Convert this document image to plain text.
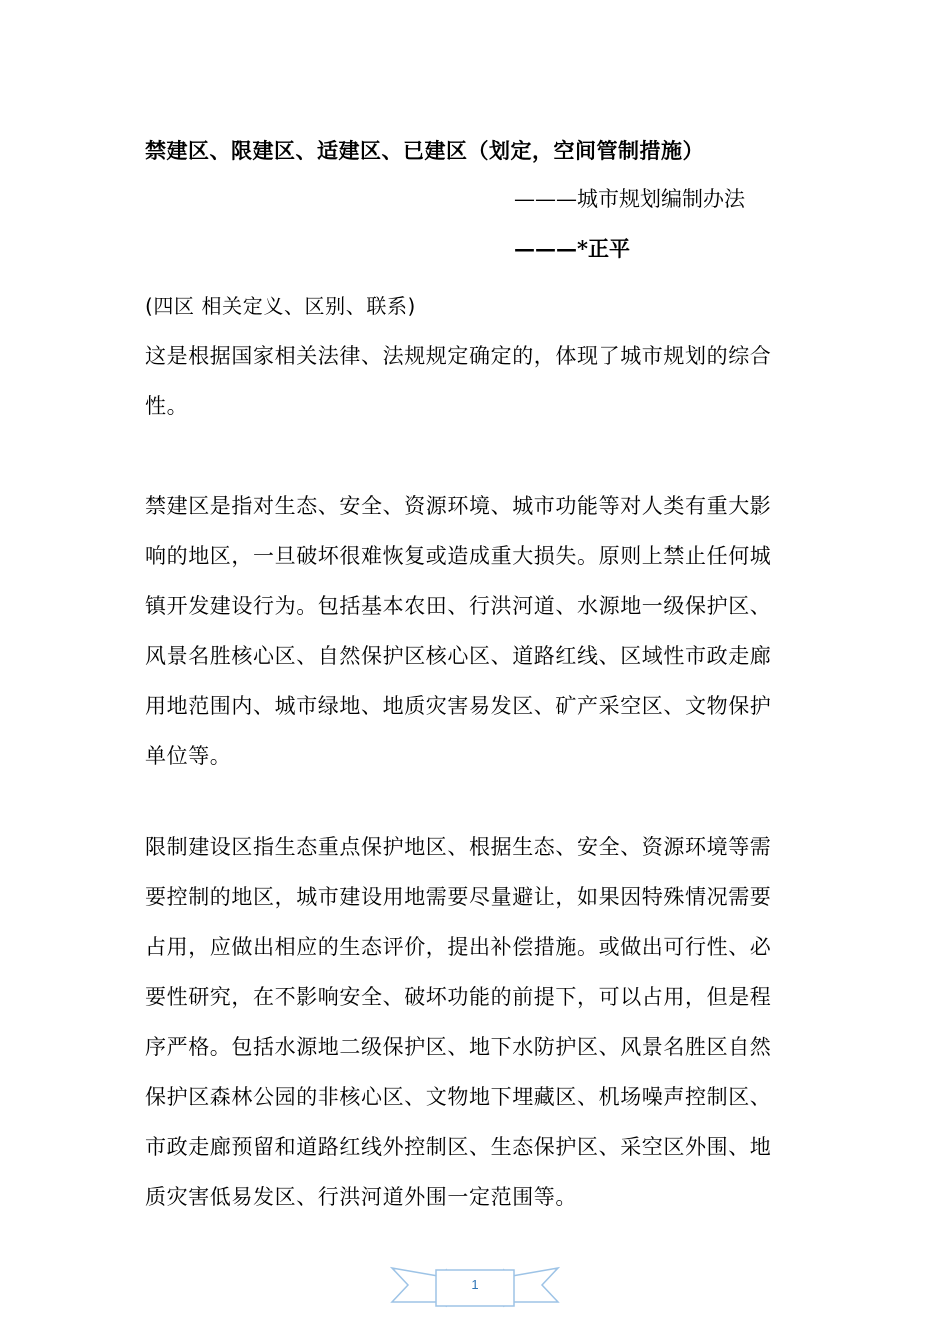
禁建区、限建区、适建区、已建区（划定，空间管制措施）
———城市规划编制办法
———*正平
(四区 相关定义、区别、联系)
这是根据国家相关法律、法规规定确定的，体现了城市规划的综合
性。
禁建区是指对生态、安全、资源环境、城市功能等对人类有重大影
响的地区，一旦破坏很难恢复或造成重大损失。原则上禁止任何城
镇开发建设行为。包括基本农田、行洪河道、水源地一级保护区、
风景名胜核心区、自然保护区核心区、道路红线、区域性市政走廊
用地范围内、城市绿地、地质灾害易发区、矿产采空区、文物保护
单位等。
限制建设区指生态重点保护地区、根据生态、安全、资源环境等需
要控制的地区，城市建设用地需要尽量避让，如果因特殊情况需要
占用，应做出相应的生态评价，提出补偿措施。或做出可行性、必
要性研究，在不影响安全、破坏功能的前提下，可以占用，但是程
序严格。包括水源地二级保护区、地下水防护区、风景名胜区自然
保护区森林公园的非核心区、文物地下埋藏区、机场噪声控制区、
市政走廊预留和道路红线外控制区、生态保护区、采空区外围、地
质灾害低易发区、行洪河道外围一定范围等。
1
